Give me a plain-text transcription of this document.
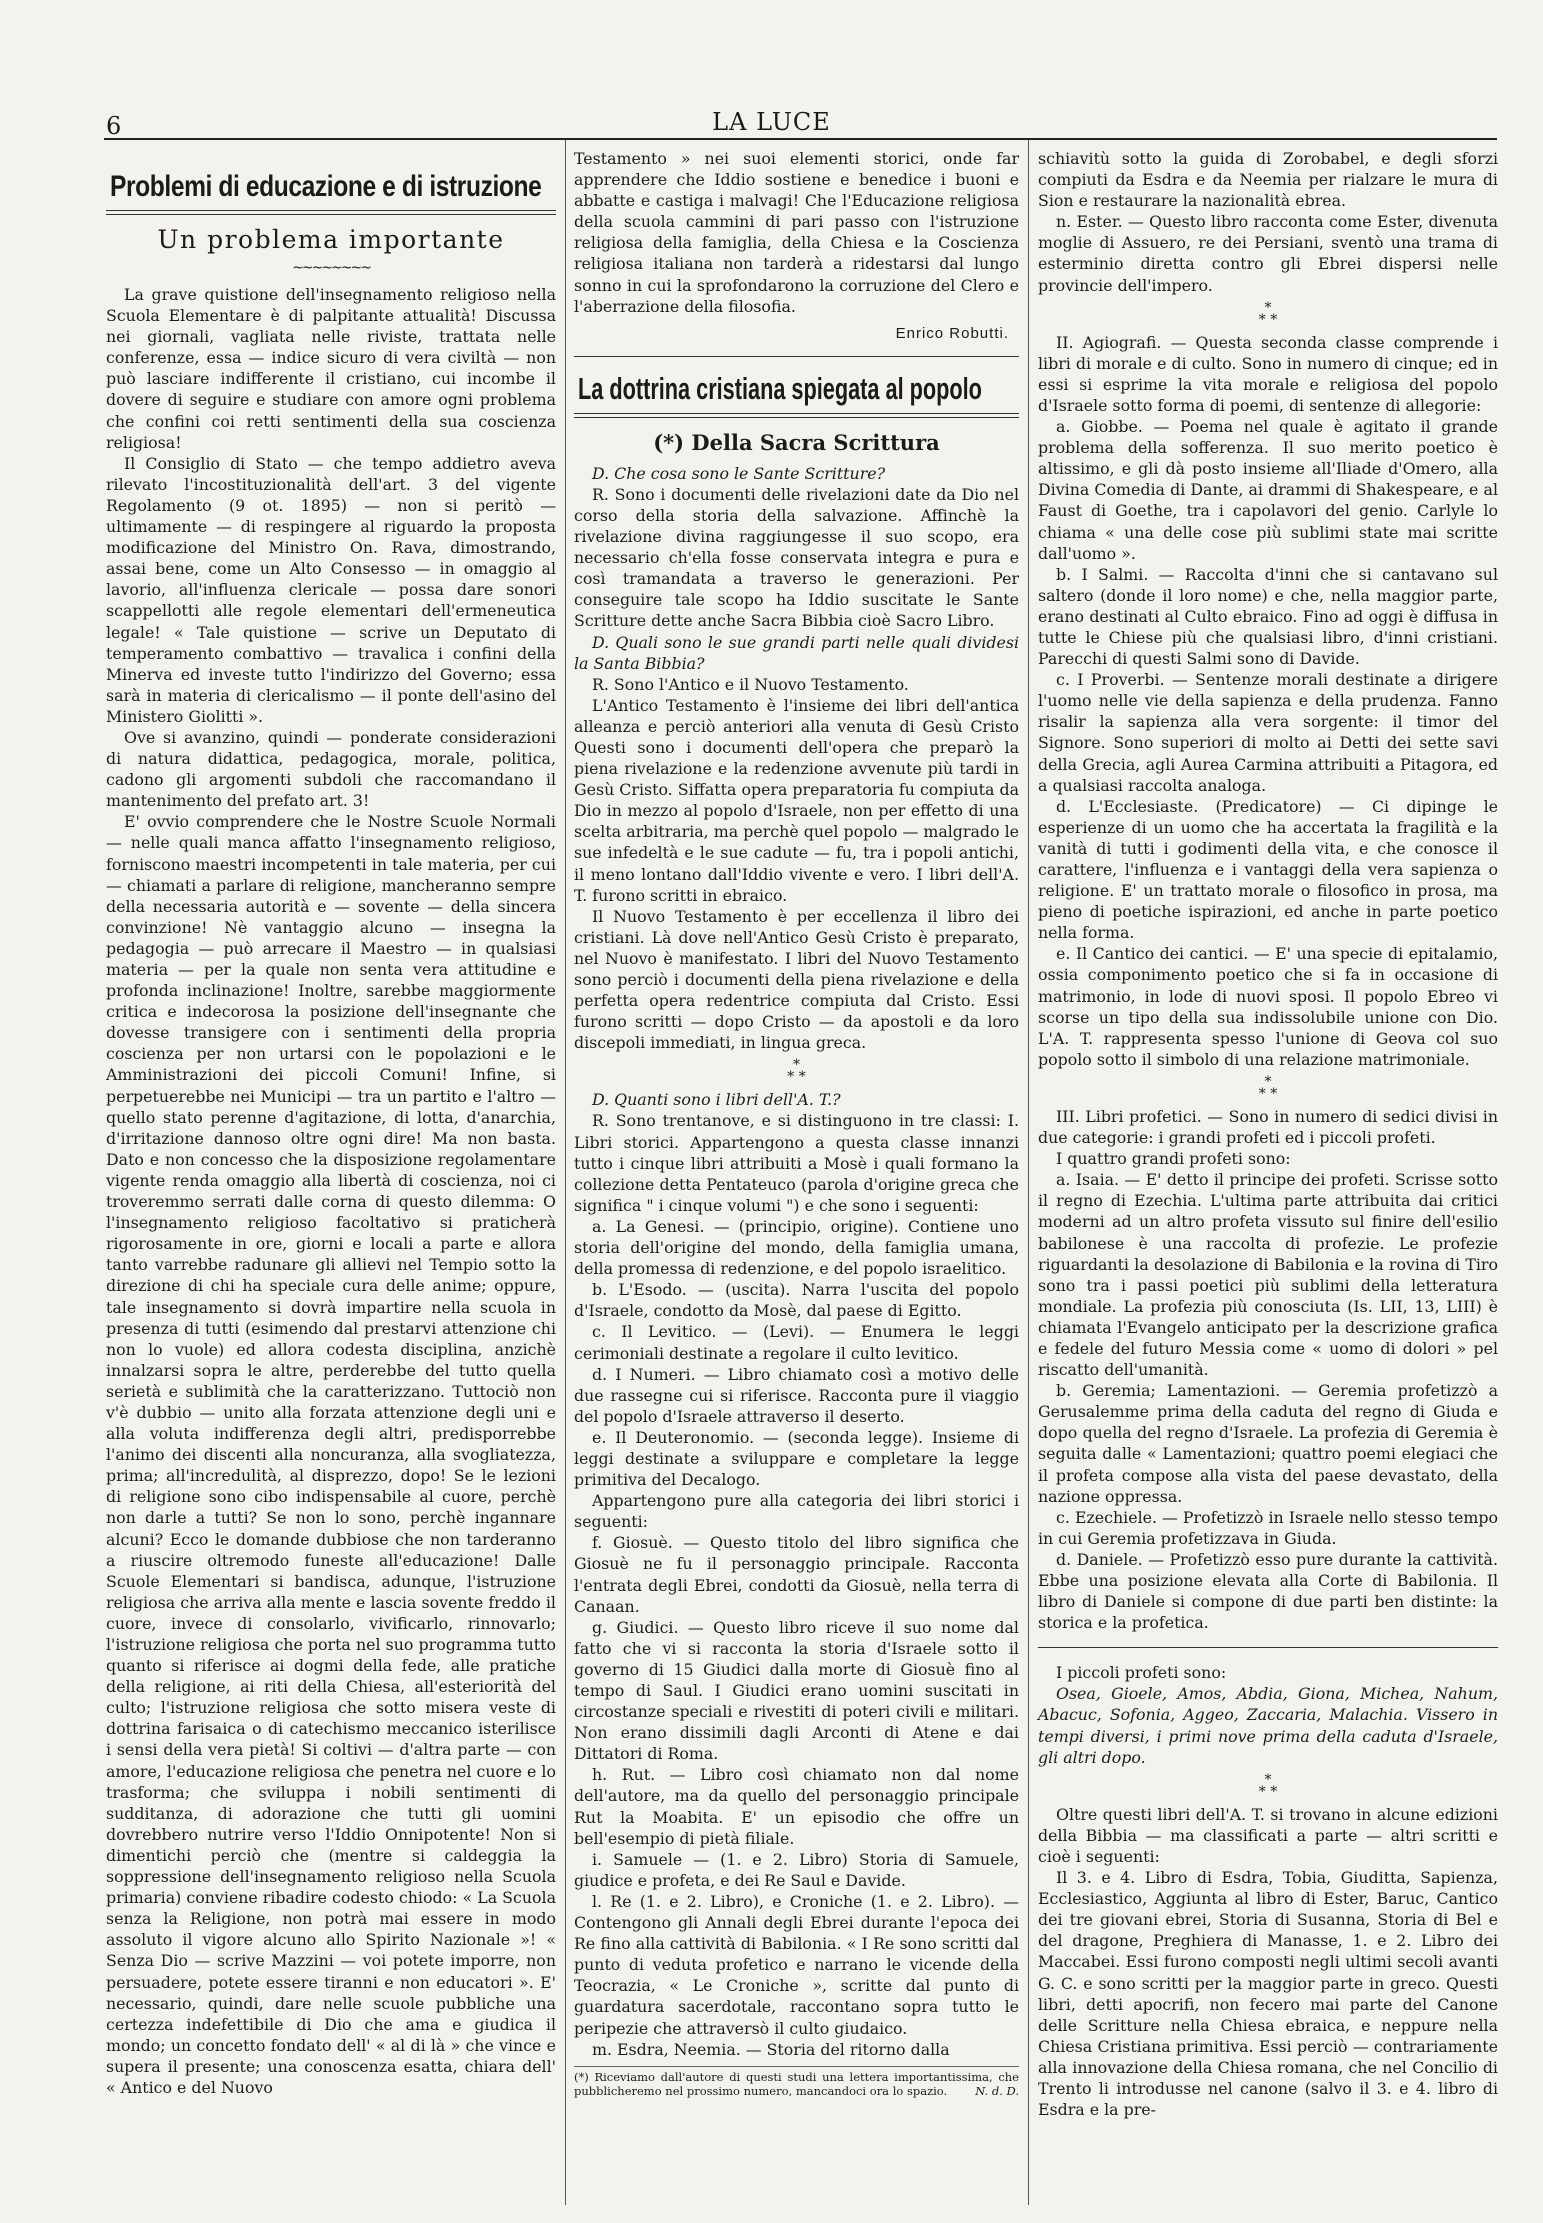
6	LA LUCE
Problemi di educazione e di istruzione
Un problema importante
~~~~~~~~

La grave quistione dell'insegnamento religioso nella Scuola Elementare è di palpitante attualità! Discussa nei giornali, vagliata nelle riviste, trattata nelle conferenze, essa — indice sicuro di vera civiltà — non può lasciare indifferente il cristiano, cui incombe il dovere di seguire e studiare con amore ogni problema che confini coi retti sentimenti della sua coscienza religiosa!

Il Consiglio di Stato — che tempo addietro aveva rilevato l'incostituzionalità dell'art. 3 del vigente Regolamento (9 ot. 1895) — non si peritò — ultimamente — di respingere al riguardo la proposta modificazione del Ministro On. Rava, dimostrando, assai bene, come un Alto Consesso — in omaggio al lavorio, all'influenza clericale — possa dare sonori scappellotti alle regole elementari dell'ermeneutica legale! « Tale quistione — scrive un Deputato di temperamento combattivo — travalica i confini della Minerva ed investe tutto l'indirizzo del Governo; essa sarà in materia di clericalismo — il ponte dell'asino del Ministero Giolitti ».

Ove si avanzino, quindi — ponderate considerazioni di natura didattica, pedagogica, morale, politica, cadono gli argomenti subdoli che raccomandano il mantenimento del prefato art. 3!

E' ovvio comprendere che le Nostre Scuole Normali — nelle quali manca affatto l'insegnamento religioso, forniscono maestri incompetenti in tale materia, per cui — chiamati a parlare di religione, mancheranno sempre della necessaria autorità e — sovente — della sincera convinzione! Nè vantaggio alcuno — insegna la pedagogia — può arrecare il Maestro — in qualsiasi materia — per la quale non senta vera attitudine e profonda inclinazione! Inoltre, sarebbe maggiormente critica e indecorosa la posizione dell'insegnante che dovesse transigere con i sentimenti della propria coscienza per non urtarsi con le popolazioni e le Amministrazioni dei piccoli Comuni! Infine, si perpetuerebbe nei Municipi — tra un partito e l'altro — quello stato perenne d'agitazione, di lotta, d'anarchia, d'irritazione dannoso oltre ogni dire! Ma non basta. Dato e non concesso che la disposizione regolamentare vigente renda omaggio alla libertà di coscienza, noi ci troveremmo serrati dalle corna di questo dilemma: O l'insegnamento religioso facoltativo si praticherà rigorosamente in ore, giorni e locali a parte e allora tanto varrebbe radunare gli allievi nel Tempio sotto la direzione di chi ha speciale cura delle anime; oppure, tale insegnamento si dovrà impartire nella scuola in presenza di tutti (esimendo dal prestarvi attenzione chi non lo vuole) ed allora codesta disciplina, anzichè innalzarsi sopra le altre, perderebbe del tutto quella serietà e sublimità che la caratterizzano. Tuttociò non v'è dubbio — unito alla forzata attenzione degli uni e alla voluta indifferenza degli altri, predisporrebbe l'animo dei discenti alla noncuranza, alla svogliatezza, prima; all'incredulità, al disprezzo, dopo! Se le lezioni di religione sono cibo indispensabile al cuore, perchè non darle a tutti? Se non lo sono, perchè ingannare alcuni? Ecco le domande dubbiose che non tarderanno a riuscire oltremodo funeste all'educazione! Dalle Scuole Elementari si bandisca, adunque, l'istruzione religiosa che arriva alla mente e lascia sovente freddo il cuore, invece di consolarlo, vivificarlo, rinnovarlo; l'istruzione religiosa che porta nel suo programma tutto quanto si riferisce ai dogmi della fede, alle pratiche della religione, ai riti della Chiesa, all'esteriorità del culto; l'istruzione religiosa che sotto misera veste di dottrina farisaica o di catechismo meccanico isterilisce i sensi della vera pietà! Si coltivi — d'altra parte — con amore, l'educazione religiosa che penetra nel cuore e lo trasforma; che sviluppa i nobili sentimenti di sudditanza, di adorazione che tutti gli uomini dovrebbero nutrire verso l'Iddio Onnipotente! Non si dimentichi perciò che (mentre si caldeggia la soppressione dell'insegnamento religioso nella Scuola primaria) conviene ribadire codesto chiodo: « La Scuola senza la Religione, non potrà mai essere in modo assoluto il vigore alcuno allo Spirito Nazionale »! « Senza Dio — scrive Mazzini — voi potete imporre, non persuadere, potete essere tiranni e non educatori ». E' necessario, quindi, dare nelle scuole pubbliche una certezza indefettibile di Dio che ama e giudica il mondo; un concetto fondato dell' « al di là » che vince e supera il presente; una conoscenza esatta, chiara dell' « Antico e del Nuovo

Testamento » nei suoi elementi storici, onde far apprendere che Iddio sostiene e benedice i buoni e abbatte e castiga i malvagi! Che l'Educazione religiosa della scuola cammini di pari passo con l'istruzione religiosa della famiglia, della Chiesa e la Coscienza religiosa italiana non tarderà a ridestarsi dal lungo sonno in cui la sprofondarono la corruzione del Clero e l'aberrazione della filosofia.

Enrico Robutti.
La dottrina cristiana spiegata al popolo
(*) Della Sacra Scrittura

D. Che cosa sono le Sante Scritture?

R. Sono i documenti delle rivelazioni date da Dio nel corso della storia della salvazione. Affinchè la rivelazione divina raggiungesse il suo scopo, era necessario ch'ella fosse conservata integra e pura e così tramandata a traverso le generazioni. Per conseguire tale scopo ha Iddio suscitate le Sante Scritture dette anche Sacra Bibbia cioè Sacro Libro.

D. Quali sono le sue grandi parti nelle quali dividesi la Santa Bibbia?

R. Sono l'Antico e il Nuovo Testamento.

L'Antico Testamento è l'insieme dei libri dell'antica alleanza e perciò anteriori alla venuta di Gesù Cristo Questi sono i documenti dell'opera che preparò la piena rivelazione e la redenzione avvenute più tardi in Gesù Cristo. Siffatta opera preparatoria fu compiuta da Dio in mezzo al popolo d'Israele, non per effetto di una scelta arbitraria, ma perchè quel popolo — malgrado le sue infedeltà e le sue cadute — fu, tra i popoli antichi, il meno lontano dall'Iddio vivente e vero. I libri dell'A. T. furono scritti in ebraico.

Il Nuovo Testamento è per eccellenza il libro dei cristiani. Là dove nell'Antico Gesù Cristo è preparato, nel Nuovo è manifestato. I libri del Nuovo Testamento sono perciò i documenti della piena rivelazione e della perfetta opera redentrice compiuta dal Cristo. Essi furono scritti — dopo Cristo — da apostoli e da loro discepoli immediati, in lingua greca.

*
* *

D. Quanti sono i libri dell'A. T.?

R. Sono trentanove, e si distinguono in tre classi: I. Libri storici. Appartengono a questa classe innanzi tutto i cinque libri attribuiti a Mosè i quali formano la collezione detta Pentateuco (parola d'origine greca che significa " i cinque volumi ") e che sono i seguenti:

a. La Genesi. — (principio, origine). Contiene uno storia dell'origine del mondo, della famiglia umana, della promessa di redenzione, e del popolo israelitico.

b. L'Esodo. — (uscita). Narra l'uscita del popolo d'Israele, condotto da Mosè, dal paese di Egitto.

c. Il Levitico. — (Levi). — Enumera le leggi cerimoniali destinate a regolare il culto levitico.

d. I Numeri. — Libro chiamato così a motivo delle due rassegne cui si riferisce. Racconta pure il viaggio del popolo d'Israele attraverso il deserto.

e. Il Deuteronomio. — (seconda legge). Insieme di leggi destinate a sviluppare e completare la legge primitiva del Decalogo.

Appartengono pure alla categoria dei libri storici i seguenti:

f. Giosuè. — Questo titolo del libro significa che Giosuè ne fu il personaggio principale. Racconta l'entrata degli Ebrei, condotti da Giosuè, nella terra di Canaan.

g. Giudici. — Questo libro riceve il suo nome dal fatto che vi si racconta la storia d'Israele sotto il governo di 15 Giudici dalla morte di Giosuè fino al tempo di Saul. I Giudici erano uomini suscitati in circostanze speciali e rivestiti di poteri civili e militari. Non erano dissimili dagli Arconti di Atene e dai Dittatori di Roma.

h. Rut. — Libro così chiamato non dal nome dell'autore, ma da quello del personaggio principale Rut la Moabita. E' un episodio che offre un bell'esempio di pietà filiale.

i. Samuele — (1. e 2. Libro) Storia di Samuele, giudice e profeta, e dei Re Saul e Davide.

l. Re (1. e 2. Libro), e Croniche (1. e 2. Libro). — Contengono gli Annali degli Ebrei durante l'epoca dei Re fino alla cattività di Babilonia. « I Re sono scritti dal punto di veduta profetico e narrano le vicende della Teocrazia, « Le Croniche », scritte dal punto di guardatura sacerdotale, raccontano sopra tutto le peripezie che attraversò il culto giudaico.

m. Esdra, Neemia. — Storia del ritorno dalla

(*) Riceviamo dall'autore di questi studi una lettera importantissima, che pubblicheremo nel prossimo numero, mancandoci ora lo spazio. N. d. D.

schiavitù sotto la guida di Zorobabel, e degli sforzi compiuti da Esdra e da Neemia per rialzare le mura di Sion e restaurare la nazionalità ebrea.

n. Ester. — Questo libro racconta come Ester, divenuta moglie di Assuero, re dei Persiani, sventò una trama di esterminio diretta contro gli Ebrei dispersi nelle provincie dell'impero.

*
* *

II. Agiografi. — Questa seconda classe comprende i libri di morale e di culto. Sono in numero di cinque; ed in essi si esprime la vita morale e religiosa del popolo d'Israele sotto forma di poemi, di sentenze di allegorie:

a. Giobbe. — Poema nel quale è agitato il grande problema della sofferenza. Il suo merito poetico è altissimo, e gli dà posto insieme all'Iliade d'Omero, alla Divina Comedia di Dante, ai drammi di Shakespeare, e al Faust di Goethe, tra i capolavori del genio. Carlyle lo chiama « una delle cose più sublimi state mai scritte dall'uomo ».

b. I Salmi. — Raccolta d'inni che si cantavano sul saltero (donde il loro nome) e che, nella maggior parte, erano destinati al Culto ebraico. Fino ad oggi è diffusa in tutte le Chiese più che qualsiasi libro, d'inni cristiani. Parecchi di questi Salmi sono di Davide.

c. I Proverbi. — Sentenze morali destinate a dirigere l'uomo nelle vie della sapienza e della prudenza. Fanno risalir la sapienza alla vera sorgente: il timor del Signore. Sono superiori di molto ai Detti dei sette savi della Grecia, agli Aurea Carmina attribuiti a Pitagora, ed a qualsiasi raccolta analoga.

d. L'Ecclesiaste. (Predicatore) — Ci dipinge le esperienze di un uomo che ha accertata la fragilità e la vanità di tutti i godimenti della vita, e che conosce il carattere, l'influenza e i vantaggi della vera sapienza o religione. E' un trattato morale o filosofico in prosa, ma pieno di poetiche ispirazioni, ed anche in parte poetico nella forma.

e. Il Cantico dei cantici. — E' una specie di epitalamio, ossia componimento poetico che si fa in occasione di matrimonio, in lode di nuovi sposi. Il popolo Ebreo vi scorse un tipo della sua indissolubile unione con Dio. L'A. T. rappresenta spesso l'unione di Geova col suo popolo sotto il simbolo di una relazione matrimoniale.

*
* *

III. Libri profetici. — Sono in numero di sedici divisi in due categorie: i grandi profeti ed i piccoli profeti.

I quattro grandi profeti sono:

a. Isaia. — E' detto il principe dei profeti. Scrisse sotto il regno di Ezechia. L'ultima parte attribuita dai critici moderni ad un altro profeta vissuto sul finire dell'esilio babilonese è una raccolta di profezie. Le profezie riguardanti la desolazione di Babilonia e la rovina di Tiro sono tra i passi poetici più sublimi della letteratura mondiale. La profezia più conosciuta (Is. LII, 13, LIII) è chiamata l'Evangelo anticipato per la descrizione grafica e fedele del futuro Messia come « uomo di dolori » pel riscatto dell'umanità.

b. Geremia; Lamentazioni. — Geremia profetizzò a Gerusalemme prima della caduta del regno di Giuda e dopo quella del regno d'Israele. La profezia di Geremia è seguita dalle « Lamentazioni; quattro poemi elegiaci che il profeta compose alla vista del paese devastato, della nazione oppressa.

c. Ezechiele. — Profetizzò in Israele nello stesso tempo in cui Geremia profetizzava in Giuda.

d. Daniele. — Profetizzò esso pure durante la cattività. Ebbe una posizione elevata alla Corte di Babilonia. Il libro di Daniele si compone di due parti ben distinte: la storica e la profetica.

I piccoli profeti sono:

Osea, Gioele, Amos, Abdia, Giona, Michea, Nahum, Abacuc, Sofonia, Aggeo, Zaccaria, Malachia. Vissero in tempi diversi, i primi nove prima della caduta d'Israele, gli altri dopo.

*
* *

Oltre questi libri dell'A. T. si trovano in alcune edizioni della Bibbia — ma classificati a parte — altri scritti e cioè i seguenti:

Il 3. e 4. Libro di Esdra, Tobia, Giuditta, Sapienza, Ecclesiastico, Aggiunta al libro di Ester, Baruc, Cantico dei tre giovani ebrei, Storia di Susanna, Storia di Bel e del dragone, Preghiera di Manasse, 1. e 2. Libro dei Maccabei. Essi furono composti negli ultimi secoli avanti G. C. e sono scritti per la maggior parte in greco. Questi libri, detti apocrifi, non fecero mai parte del Canone delle Scritture nella Chiesa ebraica, e neppure nella Chiesa Cristiana primitiva. Essi perciò — contrariamente alla innovazione della Chiesa romana, che nel Concilio di Trento li introdusse nel canone (salvo il 3. e 4. libro di Esdra e la pre-
